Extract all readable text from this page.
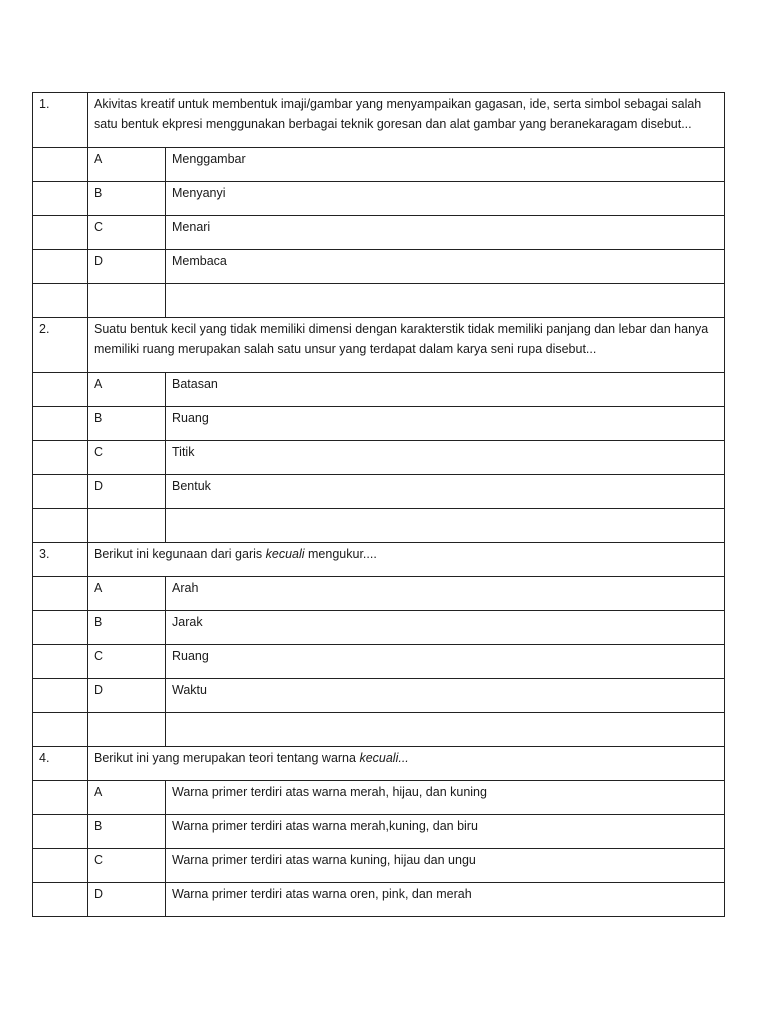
1.	Akivitas kreatif untuk membentuk imaji/gambar yang menyampaikan gagasan, ide, serta simbol sebagai salah satu bentuk ekpresi menggunakan berbagai teknik goresan dan alat gambar yang beranekaragam disebut...	
	A	Menggambar
	B	Menyanyi
	C	Menari
	D	Membaca

2.	Suatu bentuk kecil yang tidak memiliki dimensi dengan karakterstik tidak memiliki panjang dan lebar dan hanya memiliki ruang merupakan salah satu unsur yang terdapat dalam karya seni rupa disebut...	
	A	Batasan
	B	Ruang
	C	Titik
	D	Bentuk

3.	Berikut ini kegunaan dari garis kecuali mengukur....	
	A	Arah
	B	Jarak
	C	Ruang
	D	Waktu

4.	Berikut ini yang merupakan teori tentang warna kecuali...	
	A	Warna primer terdiri atas warna merah, hijau, dan kuning
	B	Warna primer terdiri atas warna merah,kuning, dan biru
	C	Warna primer terdiri atas warna kuning, hijau dan ungu
	D	Warna primer terdiri atas warna oren, pink, dan merah
